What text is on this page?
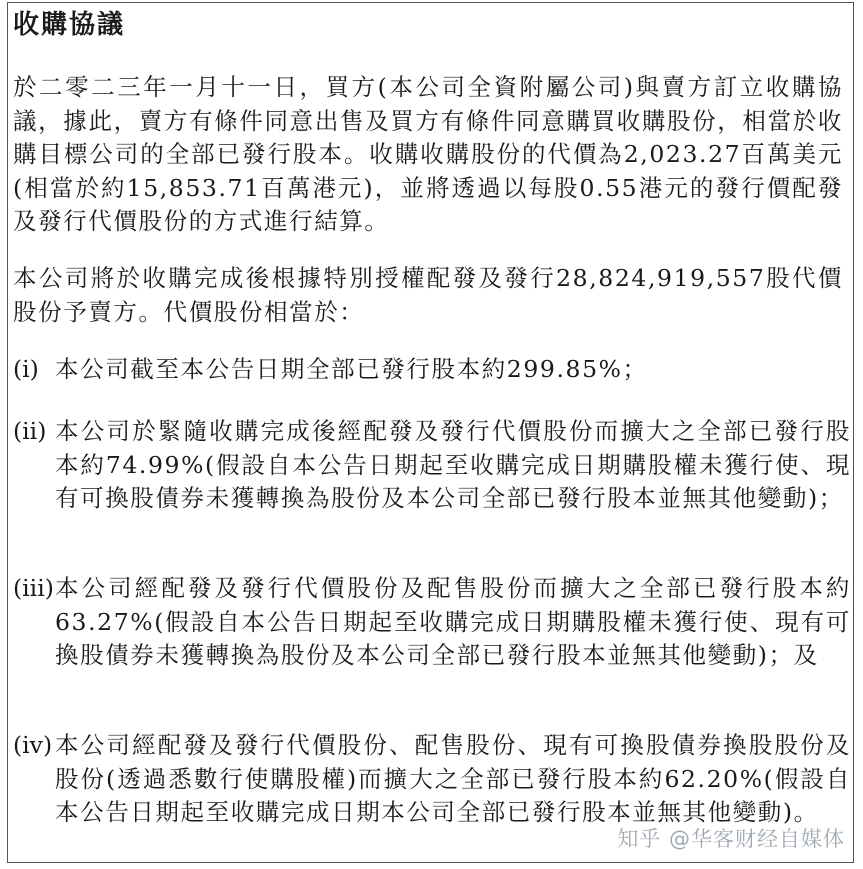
收購協議

於二零二三年一月十一日，買方(本公司全資附屬公司)與賣方訂立收購協議，據此，賣方有條件同意出售及買方有條件同意購買收購股份，相當於收購目標公司的全部已發行股本。收購收購股份的代價為2,023.27百萬美元(相當於約15,853.71百萬港元)，並將透過以每股0.55港元的發行價配發及發行代價股份的方式進行結算。

本公司將於收購完成後根據特別授權配發及發行28,824,919,557股代價股份予賣方。代價股份相當於：

(i) 本公司截至本公告日期全部已發行股本約299.85%；
(ii) 本公司於緊隨收購完成後經配發及發行代價股份而擴大之全部已發行股本約74.99%(假設自本公告日期起至收購完成日期購股權未獲行使、現有可換股債券未獲轉換為股份及本公司全部已發行股本並無其他變動)；
(iii) 本公司經配發及發行代價股份及配售股份而擴大之全部已發行股本約63.27%(假設自本公告日期起至收購完成日期購股權未獲行使、現有可換股債券未獲轉換為股份及本公司全部已發行股本並無其他變動)；及
(iv) 本公司經配發及發行代價股份、配售股份、現有可換股債券換股股份及股份(透過悉數行使購股權)而擴大之全部已發行股本約62.20%(假設自本公告日期起至收購完成日期本公司全部已發行股本並無其他變動)。
知乎 @华客财经自媒体
